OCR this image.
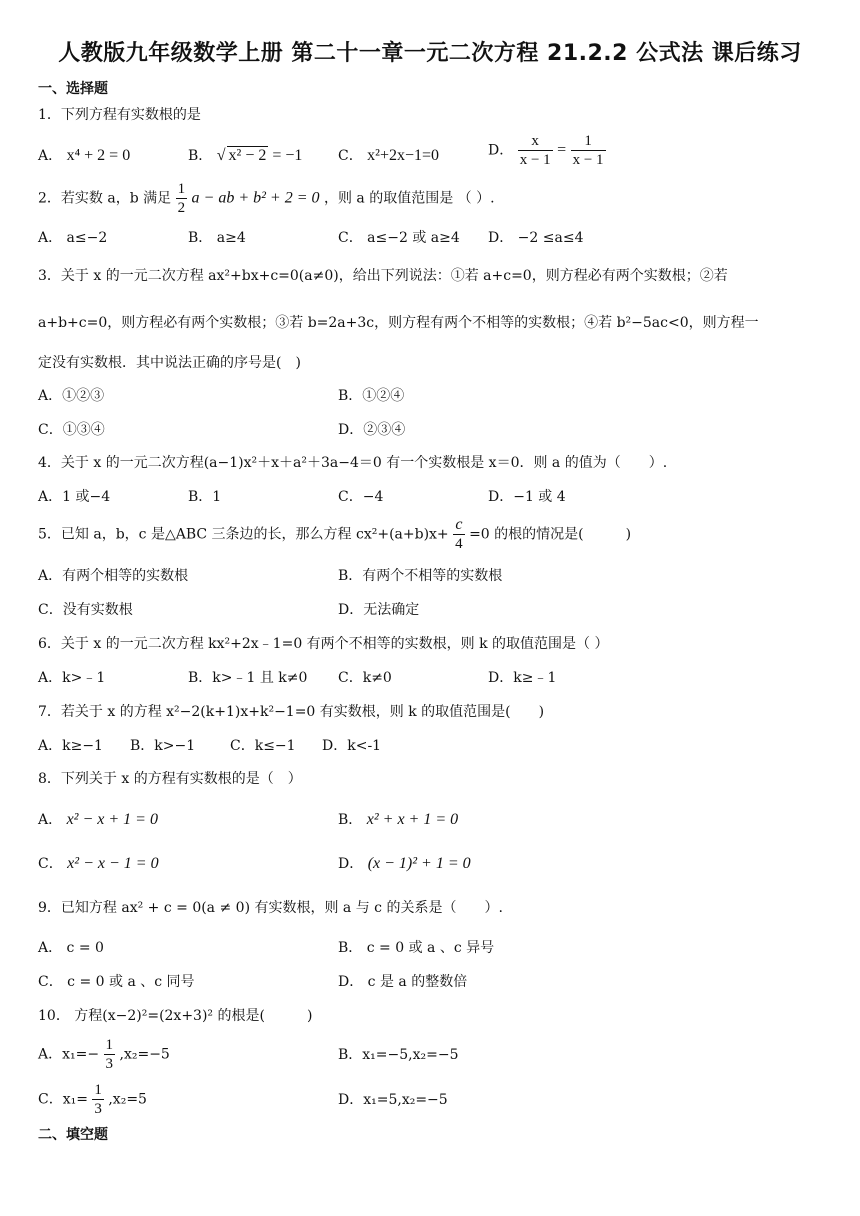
人教版九年级数学上册 第二十一章一元二次方程 21.2.2 公式法 课后练习
一、选择题
1．下列方程有实数根的是
A． x⁴ + 2 = 0	B． √ x² − 2 = −1	C． x²+2x−1=0	D． $\frac{x}{x - 1} = \frac{1}{x - 1}$
2．若实数 a，b 满足 $\frac{1}{2}$ a − ab + b² + 2 = 0 ，则 a 的取值范围是 （ ）.
A． a≤−2	B． a≥4	C． a≤−2 或 a≥4 D． −2 ≤a≤4
3．关于 x 的一元二次方程 ax²+bx+c=0(a≠0)，给出下列说法：①若 a+c=0，则方程必有两个实数根；②若
a+b+c=0，则方程必有两个实数根；③若 b=2a+3c，则方程有两个不相等的实数根；④若 b²−5ac<0，则方程一
定没有实数根．其中说法正确的序号是(　)
A．①②③	B．①②④
C．①③④	D．②③④
4．关于 x 的一元二次方程(a−1)x²＋x＋a²＋3a−4＝0 有一个实数根是 x＝0．则 a 的值为（　　）.
A．1 或−4	B．1	C．−4	D．−1 或 4
5．已知 a，b，c 是△ABC 三条边的长，那么方程 $cx^2+(a+b)x+ \frac{c}{4} =0$ 的根的情况是(　　　)
A．有两个相等的实数根	B．有两个不相等的实数根
C．没有实数根	D．无法确定
6．关于 x 的一元二次方程 kx²+2x﹣1=0 有两个不相等的实数根，则 k 的取值范围是（ ）
A．k>﹣1	B．k>﹣1 且 k≠0 C．k≠0	D．k≥﹣1
7．若关于 x 的方程 x²−2(k+1)x+k²−1=0 有实数根，则 k 的取值范围是(　　)
A．k≥−1 B．k>−1 C．k≤−1 D．k<-1
8．下列关于 x 的方程有实数根的是（　）
A． x² − x + 1 = 0	B． x² + x + 1 = 0
C． x² − x − 1 = 0	D． (x − 1)² + 1 = 0
9．已知方程 ax² + c = 0(a ≠ 0) 有实数根，则 a 与 c 的关系是（　　）.
A． c = 0	B． c = 0 或 a 、c 异号
C． c = 0 或 a 、c 同号	D． c 是 a 的整数倍
10． 方程(x−2)²=(2x+3)² 的根是(　　　)
A．$x_1=- \frac{1}{3} ,x_2=-5$	B．x₁=−5,x₂=−5
C．$x_1= \frac{1}{3} ,x_2=5$	D．x₁=5,x₂=−5
二、填空题
